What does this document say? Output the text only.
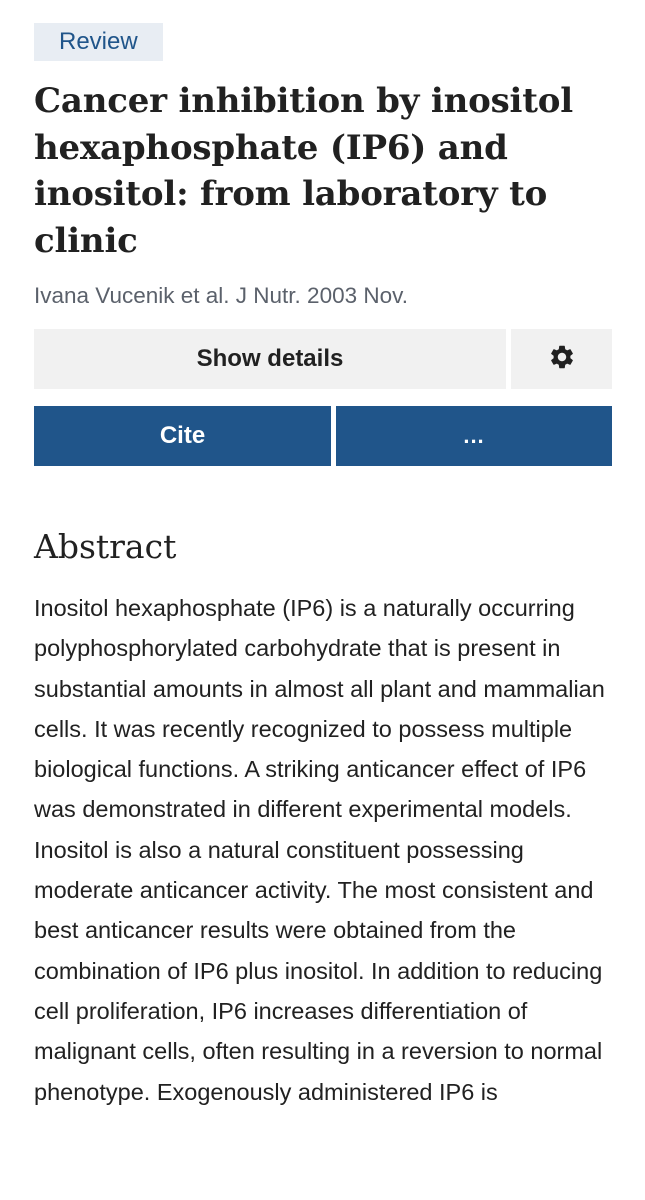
Review
Cancer inhibition by inositol hexaphosphate (IP6) and inositol: from laboratory to clinic
Ivana Vucenik et al. J Nutr. 2003 Nov.
Show details
Cite	...
Abstract
Inositol hexaphosphate (IP6) is a naturally occurring polyphosphorylated carbohydrate that is present in substantial amounts in almost all plant and mammalian cells. It was recently recognized to possess multiple biological functions. A striking anticancer effect of IP6 was demonstrated in different experimental models. Inositol is also a natural constituent possessing moderate anticancer activity. The most consistent and best anticancer results were obtained from the combination of IP6 plus inositol. In addition to reducing cell proliferation, IP6 increases differentiation of malignant cells, often resulting in a reversion to normal phenotype. Exogenously administered IP6 is
